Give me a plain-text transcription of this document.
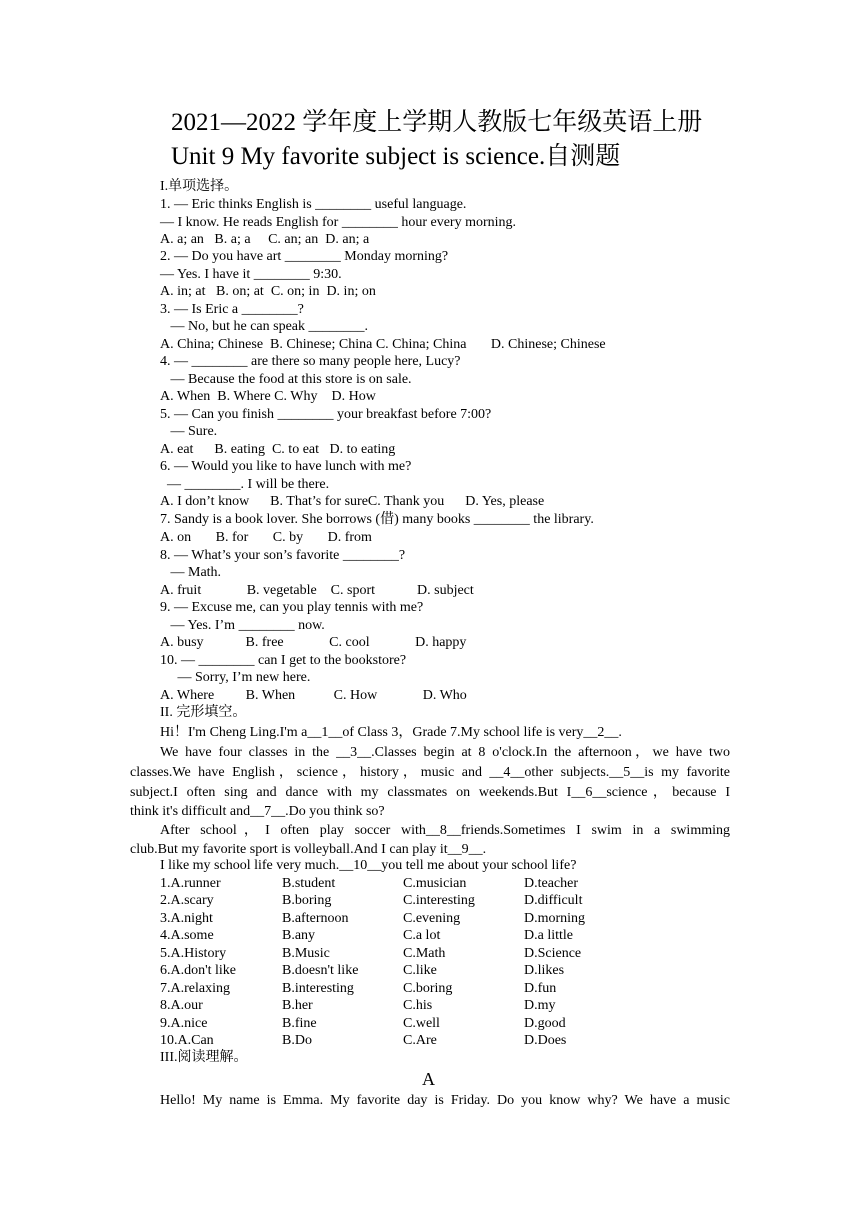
2021—2022 学年度上学期人教版七年级英语上册
Unit 9 My favorite subject is science.自测题
I.单项选择。
1. — Eric thinks English is ________ useful language.
— I know. He reads English for ________ hour every morning.
A. a; an   B. a; a     C. an; an  D. an; a
2. — Do you have art ________ Monday morning?
— Yes. I have it ________ 9:30.
A. in; at   B. on; at  C. on; in  D. in; on
3. — Is Eric a ________?
— No, but he can speak ________.
A. China; Chinese  B. Chinese; China C. China; China       D. Chinese; Chinese
4. — ________ are there so many people here, Lucy?
— Because the food at this store is on sale.
A. When  B. Where C. Why    D. How
5. — Can you finish ________ your breakfast before 7:00?
— Sure.
A. eat      B. eating  C. to eat   D. to eating
6. — Would you like to have lunch with me?
— ________. I will be there.
A. I don’t know      B. That’s for sureC. Thank you      D. Yes, please
7. Sandy is a book lover. She borrows (借) many books ________ the library.
A. on       B. for       C. by       D. from
8. — What’s your son’s favorite ________?
— Math.
A. fruit             B. vegetable    C. sport            D. subject
9. — Excuse me, can you play tennis with me?
— Yes. I’m ________ now.
A. busy            B. free             C. cool             D. happy
10. — ________ can I get to the bookstore?
— Sorry, I’m new here.
A. Where         B. When           C. How             D. Who
II. 完形填空。
Hi！I'm Cheng Ling.I'm a__1__of Class 3，Grade 7.My school life is very__2__.
We have four classes in the __3__.Classes begin at 8 o'clock.In the afternoon，we have two
classes.We have English，science，history，music and __4__other subjects.__5__is my favorite
subject.I often sing and dance with my classmates on weekends.But I__6__science，because I
think it's difficult and__7__.Do you think so?
After school，I often play soccer with__8__friends.Sometimes I swim in a swimming
club.But my favorite sport is volleyball.And I can play it__9__.
I like my school life very much.__10__you tell me about your school life?
1.A.runner	B.student	C.musician	D.teacher
2.A.scary	B.boring	C.interesting	D.difficult
3.A.night	B.afternoon	C.evening	D.morning
4.A.some	B.any	C.a lot	D.a little
5.A.History	B.Music	C.Math	D.Science
6.A.don't like	B.doesn't like	C.like	D.likes
7.A.relaxing	B.interesting	C.boring	D.fun
8.A.our	B.her	C.his	D.my
9.A.nice	B.fine	C.well	D.good
10.A.Can	B.Do	C.Are	D.Does
III.阅读理解。
A
Hello! My name is Emma. My favorite day is Friday. Do you know why? We have a music
